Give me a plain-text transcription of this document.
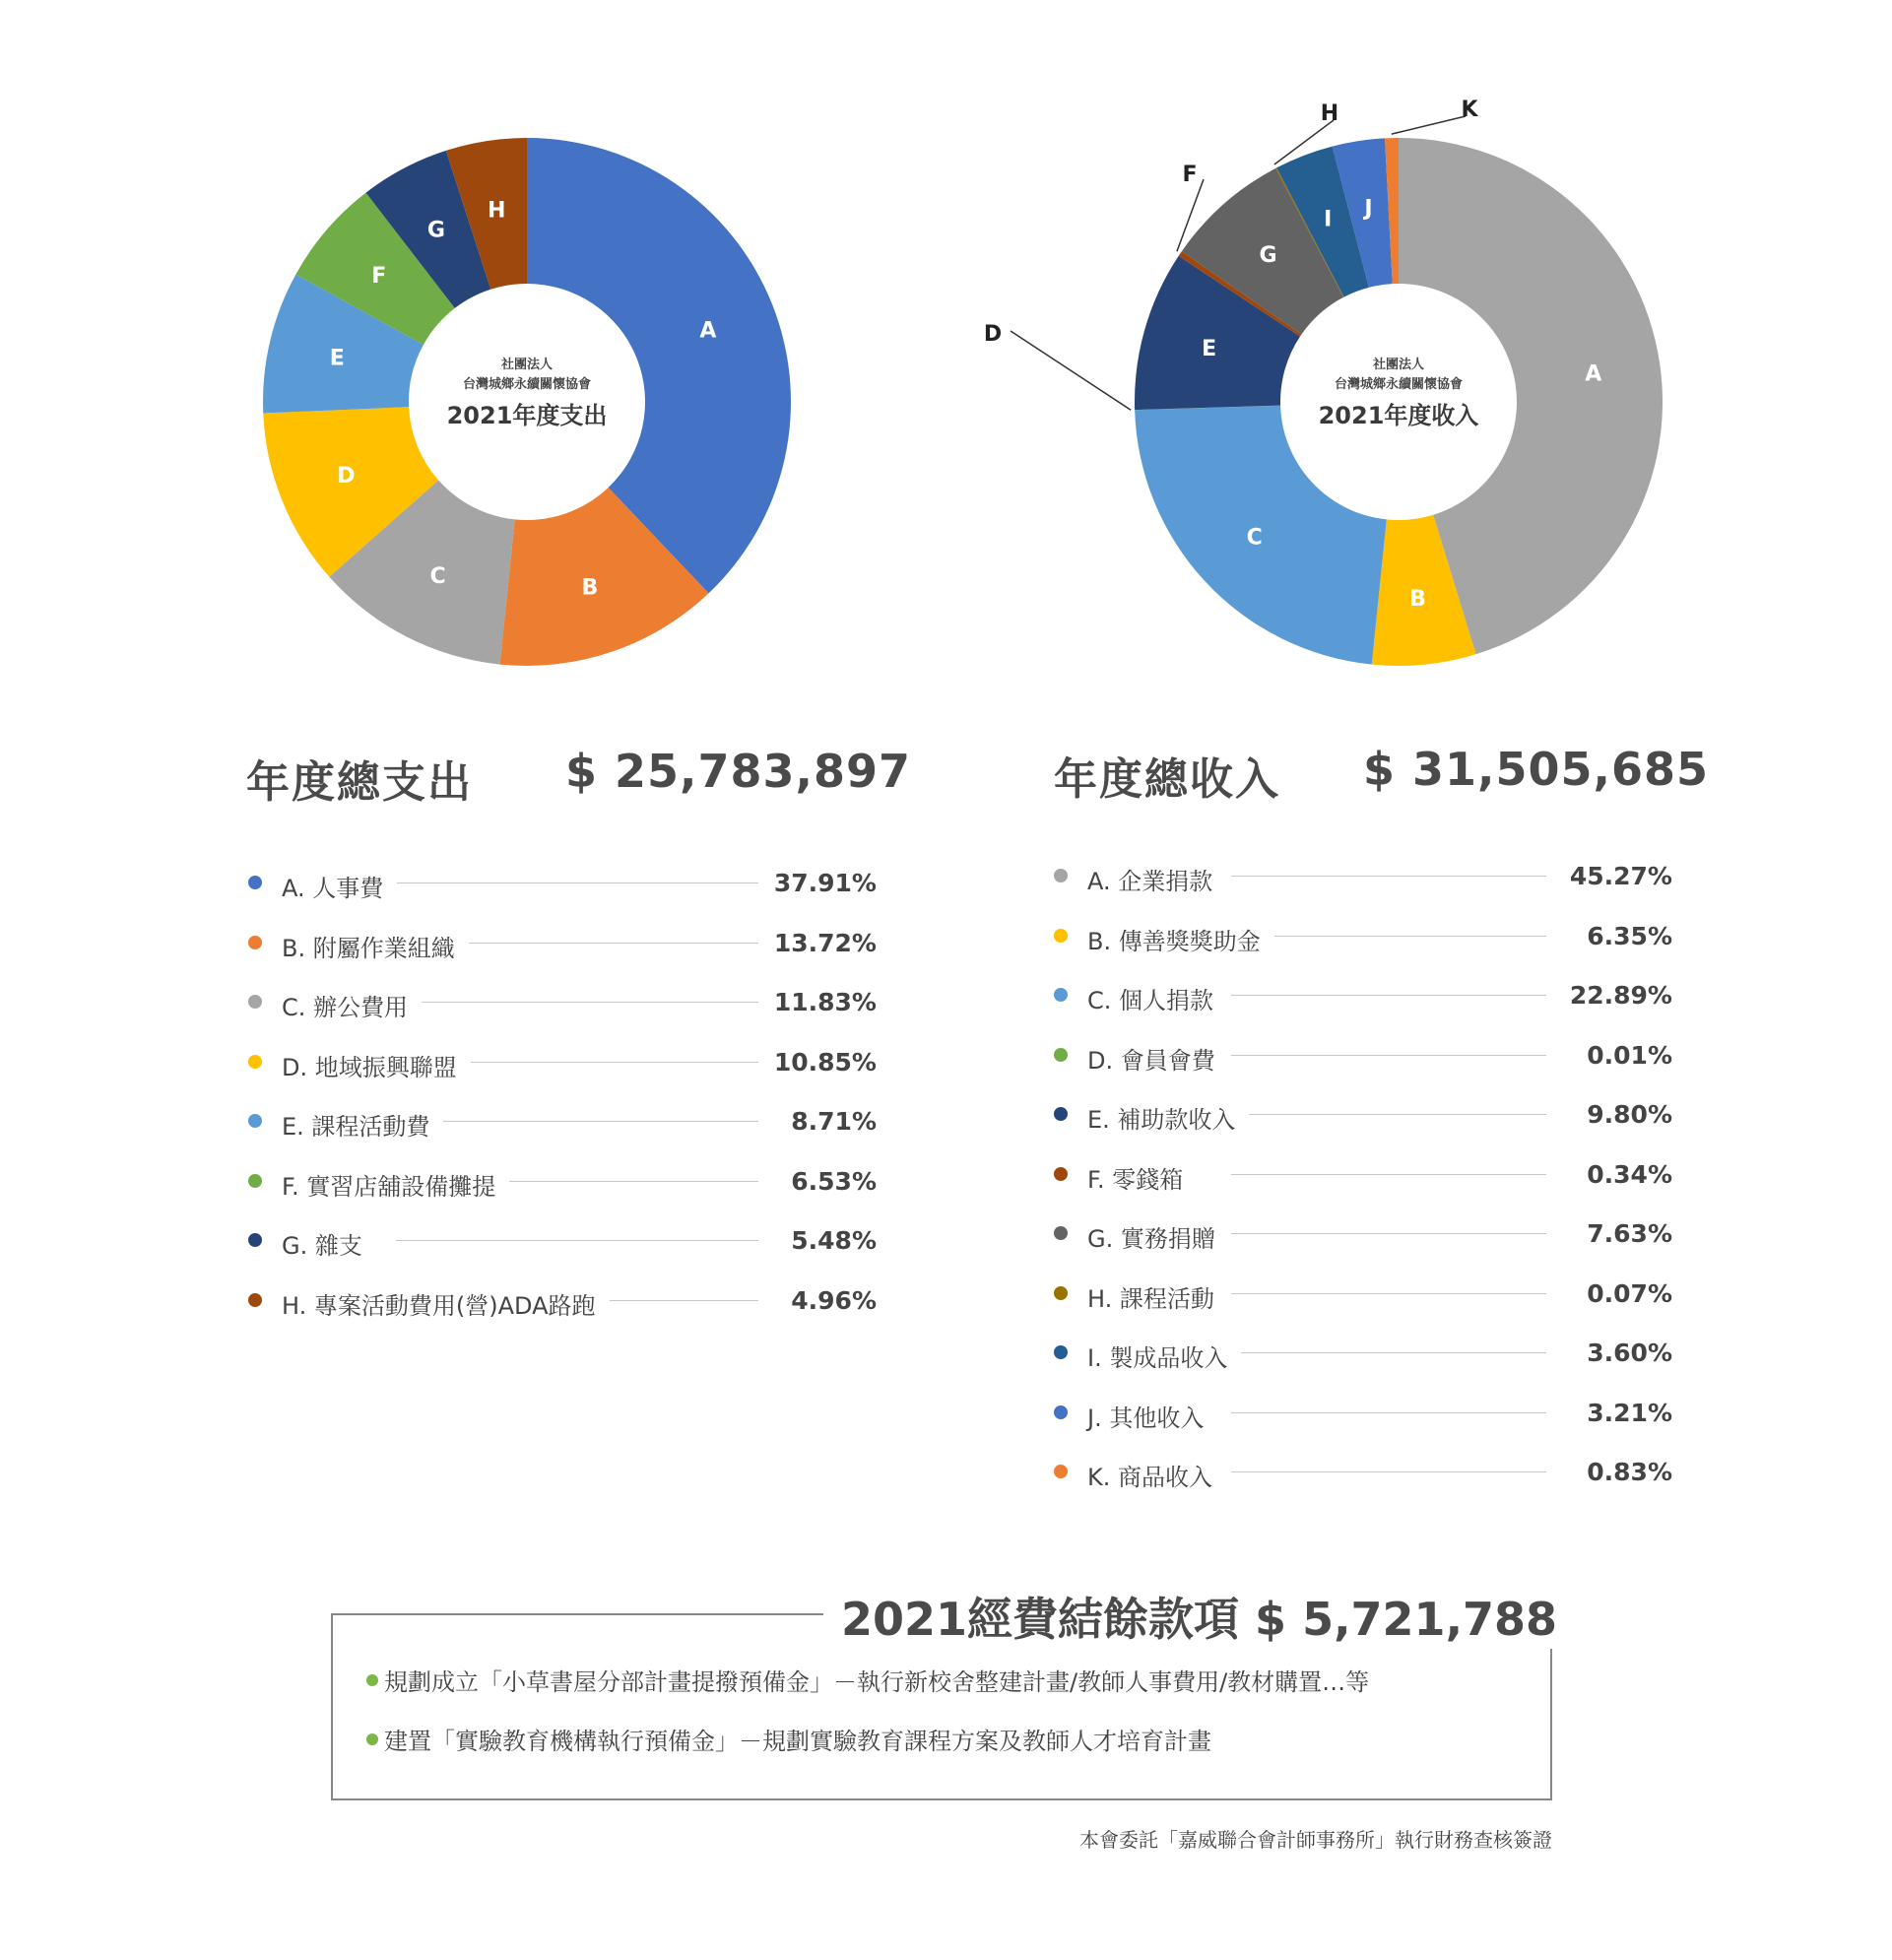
A
B
C
D
E
F
G
H
社團法人
台灣城鄉永續關懷協會
2021年度支出
A
B
C
D
E
F
G
H
I J
K
社團法人
台灣城鄉永續關懷協會
2021年度收入
年度總支出 $ 25,783,897
A. 人事費	37.91%
B. 附屬作業組織	13.72%
C. 辦公費用	11.83%
D. 地域振興聯盟	10.85%
E. 課程活動費	8.71%
F. 實習店舖設備攤提	6.53%
G. 雜支	5.48%
H. 專案活動費用(營)ADA路跑	4.96%
年度總收入 $ 31,505,685
A. 企業捐款	45.27%
B. 傳善獎獎助金	6.35%
C. 個人捐款	22.89%
D. 會員會費	0.01%
E. 補助款收入	9.80%
F. 零錢箱	0.34%
G. 實務捐贈	7.63%
H. 課程活動	0.07%
I. 製成品收入	3.60%
J. 其他收入	3.21%
K. 商品收入	0.83%
2021經費結餘款項 $ 5,721,788
規劃成立「小草書屋分部計畫提撥預備金」－執行新校舍整建計畫/教師人事費用/教材購置…等
建置「實驗教育機構執行預備金」－規劃實驗教育課程方案及教師人才培育計畫
本會委託「嘉威聯合會計師事務所」執行財務查核簽證
